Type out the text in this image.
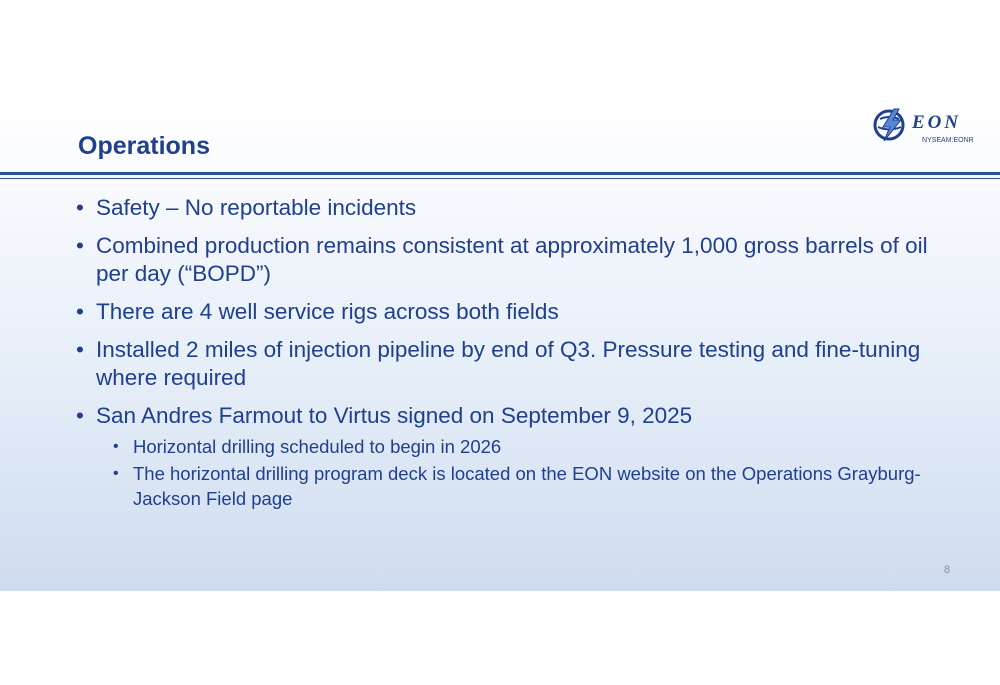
Operations
EON
NYSEAM:EONR
• Safety – No reportable incidents
• Combined production remains consistent at approximately 1,000 gross barrels of oil per day (“BOPD”)
• There are 4 well service rigs across both fields
• Installed 2 miles of injection pipeline by end of Q3. Pressure testing and fine-tuning where required
• San Andres Farmout to Virtus signed on September 9, 2025
• Horizontal drilling scheduled to begin in 2026
• The horizontal drilling program deck is located on the EON website on the Operations Grayburg-Jackson Field page
8
